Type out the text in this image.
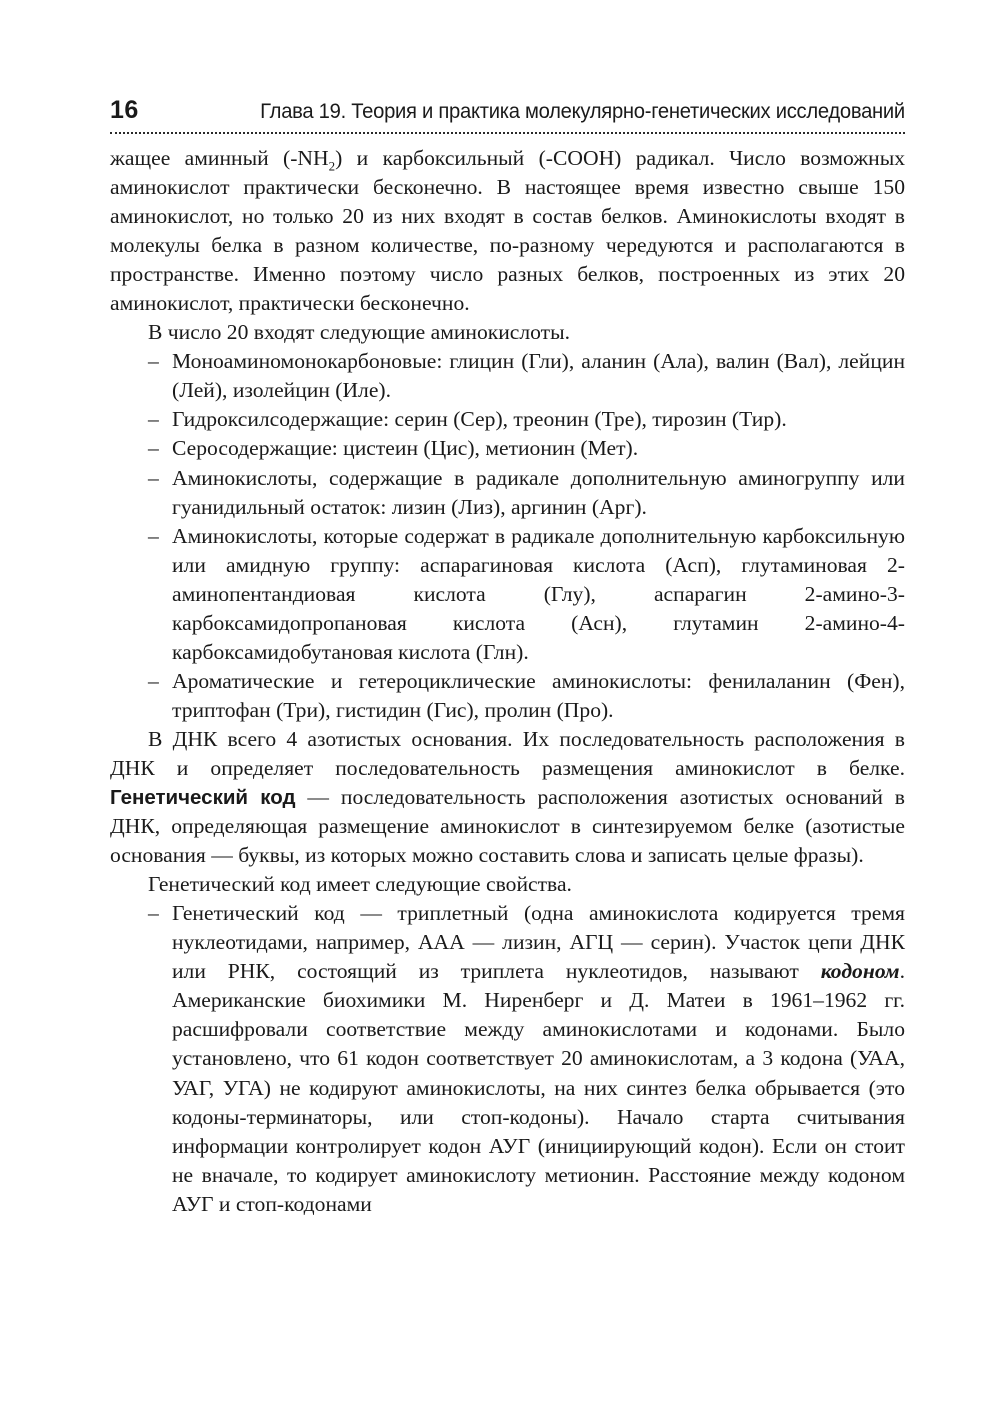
16	Глава 19. Теория и практика молекулярно-генетических исследований

жащее аминный $(-NH_2)$ и карбоксильный (-COOH) радикал. Число возможных аминокислот практически бесконечно. В настоящее время известно свыше 150 аминокислот, но только 20 из них входят в состав белков. Аминокислоты входят в молекулы белка в разном количестве, по-разному чередуются и располагаются в пространстве. Именно поэтому число разных белков, построенных из этих 20 аминокислот, практически бесконечно.

В число 20 входят следующие аминокислоты.

– Моноаминомонокарбоновые: глицин (Гли), аланин (Ала), валин (Вал), лейцин (Лей), изолейцин (Иле).
– Гидроксилсодержащие: серин (Сер), треонин (Тре), тирозин (Тир).
– Серосодержащие: цистеин (Цис), метионин (Мет).
– Аминокислоты, содержащие в радикале дополнительную аминогруппу или гуанидильный остаток: лизин (Лиз), аргинин (Арг).
– Аминокислоты, которые содержат в радикале дополнительную карбоксильную или амидную группу: аспарагиновая кислота (Асп), глутаминовая 2-аминопентандиовая кислота (Глу), аспарагин 2-амино-3-карбоксамидопропановая кислота (Асн), глутамин 2-амино-4-карбоксамидобутановая кислота (Глн).
– Ароматические и гетероциклические аминокислоты: фенилаланин (Фен), триптофан (Три), гистидин (Гис), пролин (Про).

В ДНК всего 4 азотистых основания. Их последовательность расположения в ДНК и определяет последовательность размещения аминокислот в белке. Генетический код — последовательность расположения азотистых оснований в ДНК, определяющая размещение аминокислот в синтезируемом белке (азотистые основания — буквы, из которых можно составить слова и записать целые фразы).

Генетический код имеет следующие свойства.

– Генетический код — триплетный (одна аминокислота кодируется тремя нуклеотидами, например, ААА — лизин, АГЦ — серин). Участок цепи ДНК или РНК, состоящий из триплета нуклеотидов, называют кодоном. Американские биохимики М. Ниренберг и Д. Матеи в 1961–1962 гг. расшифровали соответствие между аминокислотами и кодонами. Было установлено, что 61 кодон соответствует 20 аминокислотам, а 3 кодона (УАА, УАГ, УГА) не кодируют аминокислоты, на них синтез белка обрывается (это кодоны-терминаторы, или стоп-кодоны). Начало старта считывания информации контролирует кодон АУГ (инициирующий кодон). Если он стоит не вначале, то кодирует аминокислоту метионин. Расстояние между кодоном АУГ и стоп-кодонами
